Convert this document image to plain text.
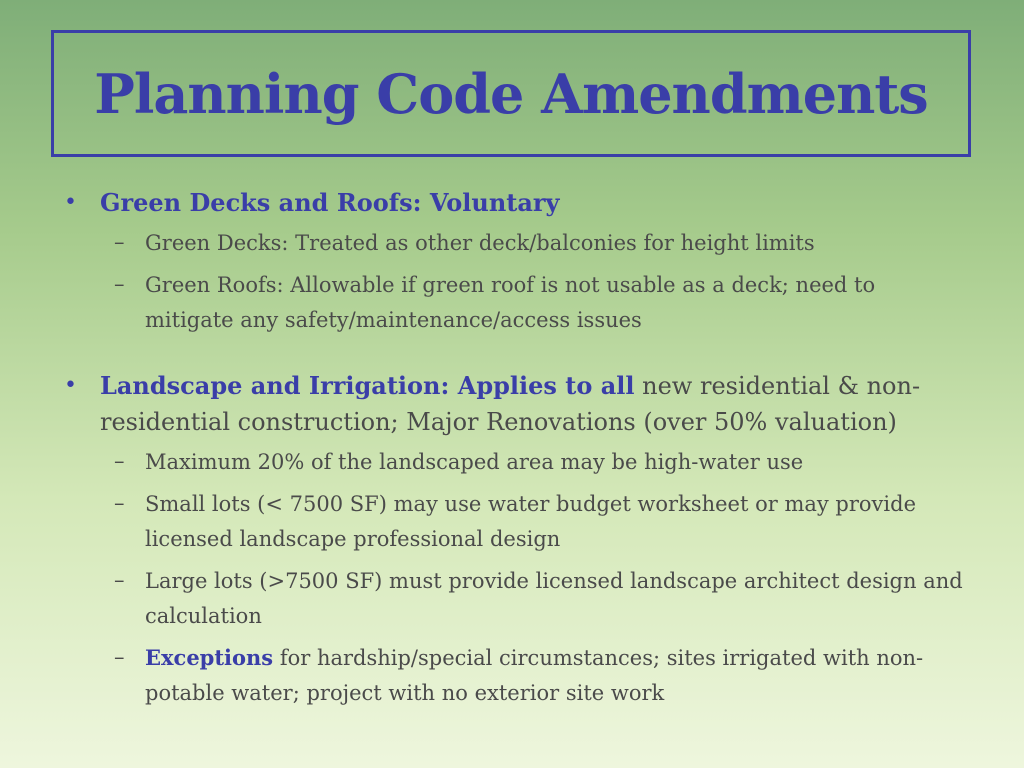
Planning Code Amendments
• Green Decks and Roofs: Voluntary
– Green Decks: Treated as other deck/balconies for height limits
– Green Roofs: Allowable if green roof is not usable as a deck; need to mitigate any safety/maintenance/access issues
• Landscape and Irrigation: Applies to all new residential & non-residential construction; Major Renovations (over 50% valuation)
– Maximum 20% of the landscaped area may be high-water use
– Small lots (< 7500 SF) may use water budget worksheet or may provide licensed landscape professional design
– Large lots (>7500 SF) must provide licensed landscape architect design and calculation
– Exceptions for hardship/special circumstances; sites irrigated with non-potable water; project with no exterior site work
